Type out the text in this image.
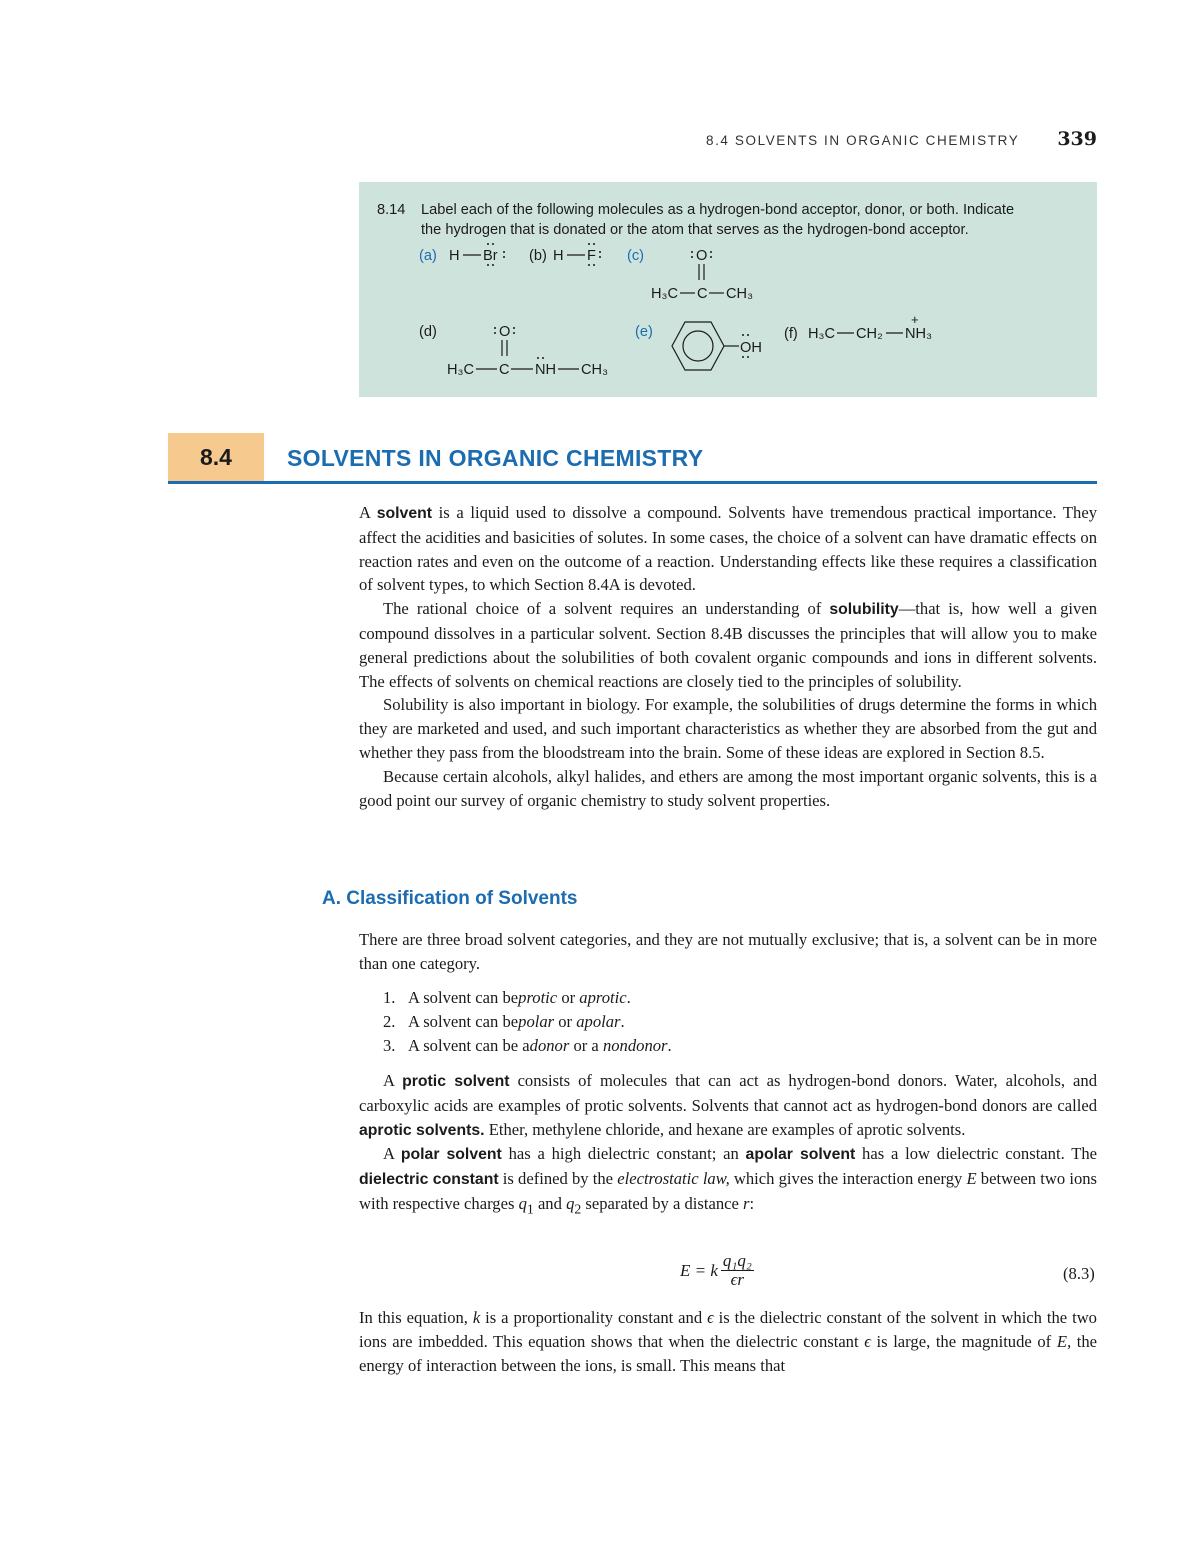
8.4 SOLVENTS IN ORGANIC CHEMISTRY 339
8.14 Label each of the following molecules as a hydrogen-bond acceptor, donor, or both. Indicate
the hydrogen that is donated or the atom that serves as the hydrogen-bond acceptor.
(a) H Br (b) H F (c)	O
H₃C C CH₃
(d)	O
H₃C C NH CH₃
(e)
OH
(f) H₃C CH₂
+
NH₃
8.4	SOLVENTS IN ORGANIC CHEMISTRY

A solvent is a liquid used to dissolve a compound. Solvents have tremendous practical importance. They affect the acidities and basicities of solutes. In some cases, the choice of a solvent can have dramatic effects on reaction rates and even on the outcome of a reaction. Understanding effects like these requires a classification of solvent types, to which Section 8.4A is devoted.

The rational choice of a solvent requires an understanding of solubility—that is, how well a given compound dissolves in a particular solvent. Section 8.4B discusses the principles that will allow you to make general predictions about the solubilities of both covalent organic compounds and ions in different solvents. The effects of solvents on chemical reactions are closely tied to the principles of solubility.

Solubility is also important in biology. For example, the solubilities of drugs determine the forms in which they are marketed and used, and such important characteristics as whether they are absorbed from the gut and whether they pass from the bloodstream into the brain. Some of these ideas are explored in Section 8.5.

Because certain alcohols, alkyl halides, and ethers are among the most important organic solvents, this is a good point our survey of organic chemistry to study solvent properties.

A. Classification of Solvents

There are three broad solvent categories, and they are not mutually exclusive; that is, a solvent can be in more than one category.

1. A solvent can be protic or aprotic .
2. A solvent can be polar or apolar .
3. A solvent can be a donor or a nondonor .

A protic solvent consists of molecules that can act as hydrogen-bond donors. Water, alcohols, and carboxylic acids are examples of protic solvents. Solvents that cannot act as hydrogen-bond donors are called aprotic solvents. Ether, methylene chloride, and hexane are examples of aprotic solvents.

A polar solvent has a high dielectric constant; an apolar solvent has a low dielectric constant. The dielectric constant is defined by the electrostatic law, which gives the interaction energy E between two ions with respective charges $q_1$ and $q_2$ separated by a distance r:

E = k $\frac{\text{q₁q₂}}{\epsilon r}$	(8.3)

In this equation, k is a proportionality constant and ϵ is the dielectric constant of the solvent in which the two ions are imbedded. This equation shows that when the dielectric constant ϵ is large, the magnitude of E, the energy of interaction between the ions, is small. This means that
